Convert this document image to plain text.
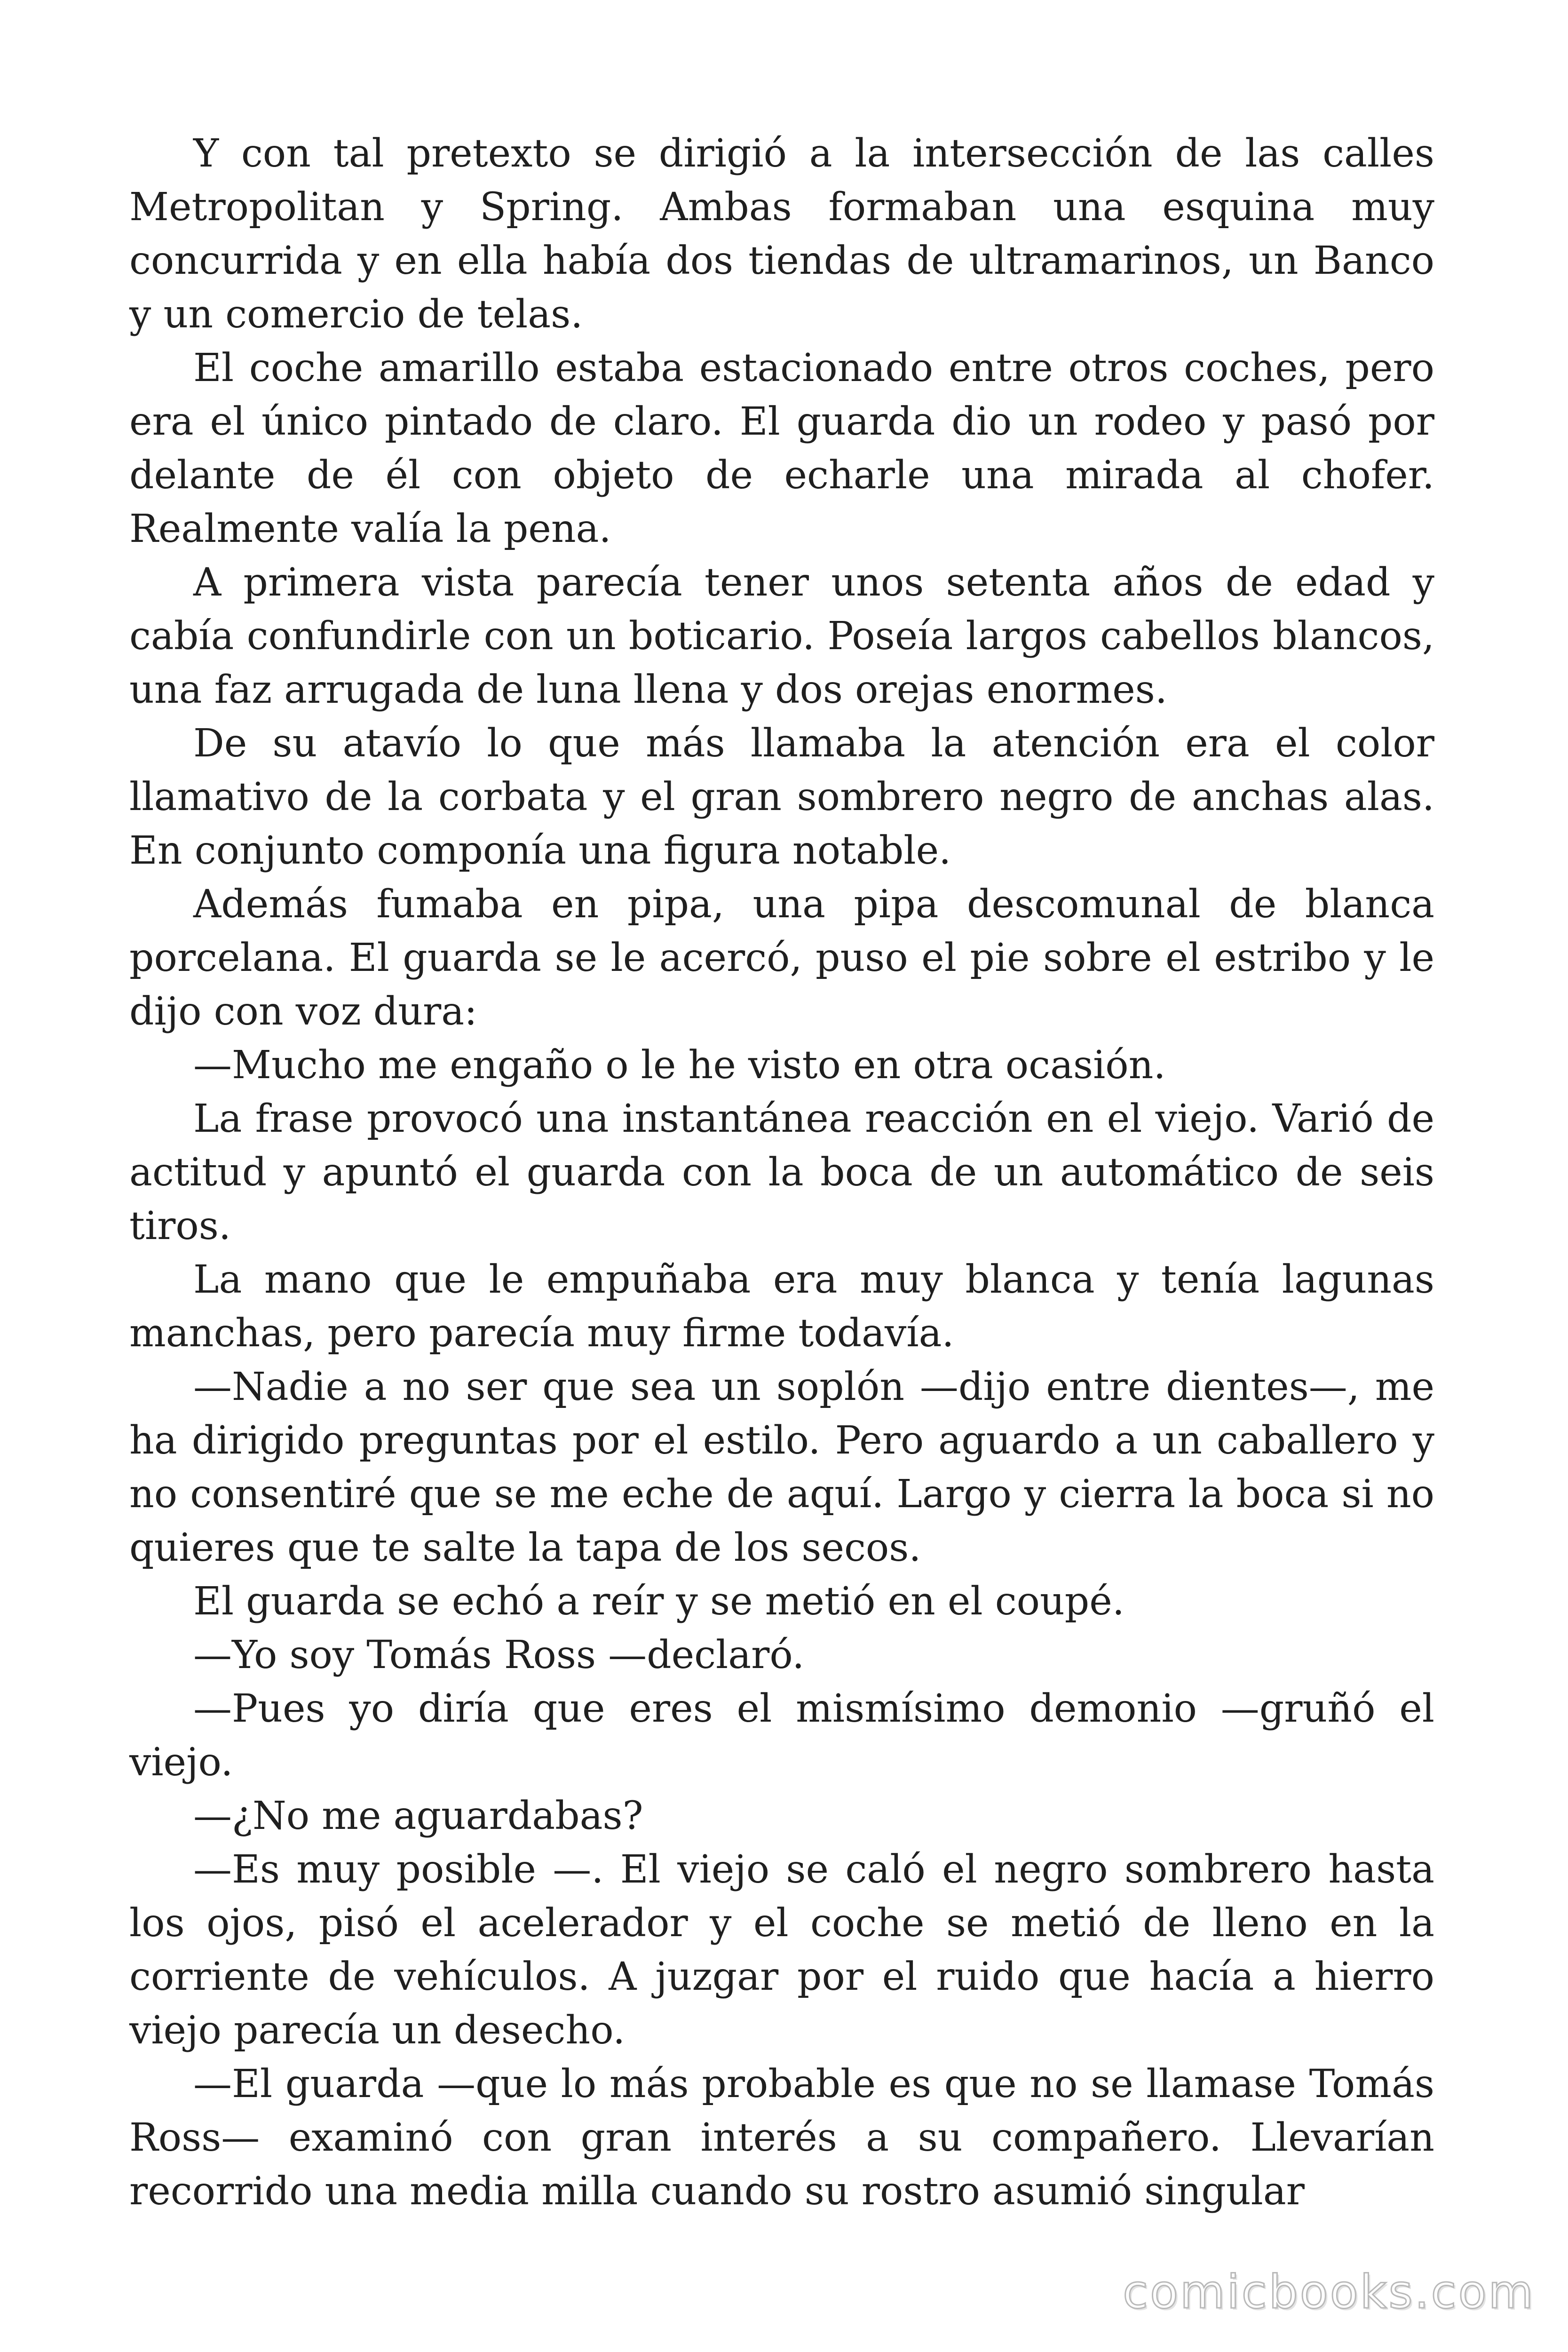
Y con tal pretexto se dirigió a la intersección de las calles Metropolitan y Spring. Ambas formaban una esquina muy concurrida y en ella había dos tiendas de ultramarinos, un Banco y un comercio de telas.

El coche amarillo estaba estacionado entre otros coches, pero era el único pintado de claro. El guarda dio un rodeo y pasó por delante de él con objeto de echarle una mirada al chofer. Realmente valía la pena.

A primera vista parecía tener unos setenta años de edad y cabía confundirle con un boticario. Poseía largos cabellos blancos, una faz arrugada de luna llena y dos orejas enormes.

De su atavío lo que más llamaba la atención era el color llamativo de la corbata y el gran sombrero negro de anchas alas. En conjunto componía una figura notable.

Además fumaba en pipa, una pipa descomunal de blanca porcelana. El guarda se le acercó, puso el pie sobre el estribo y le dijo con voz dura:

—Mucho me engaño o le he visto en otra ocasión.

La frase provocó una instantánea reacción en el viejo. Varió de actitud y apuntó el guarda con la boca de un automático de seis tiros.

La mano que le empuñaba era muy blanca y tenía lagunas manchas, pero parecía muy firme todavía.

—Nadie a no ser que sea un soplón —dijo entre dientes—, me ha dirigido preguntas por el estilo. Pero aguardo a un caballero y no consentiré que se me eche de aquí. Largo y cierra la boca si no quieres que te salte la tapa de los secos.

El guarda se echó a reír y se metió en el coupé.

—Yo soy Tomás Ross —declaró.

—Pues yo diría que eres el mismísimo demonio —gruñó el viejo.

—¿No me aguardabas?

—Es muy posible —. El viejo se caló el negro sombrero hasta los ojos, pisó el acelerador y el coche se metió de lleno en la corriente de vehículos. A juzgar por el ruido que hacía a hierro viejo parecía un desecho.

—El guarda —que lo más probable es que no se llamase Tomás Ross— examinó con gran interés a su compañero. Llevarían recorrido una media milla cuando su rostro asumió singular

comicbooks.com
